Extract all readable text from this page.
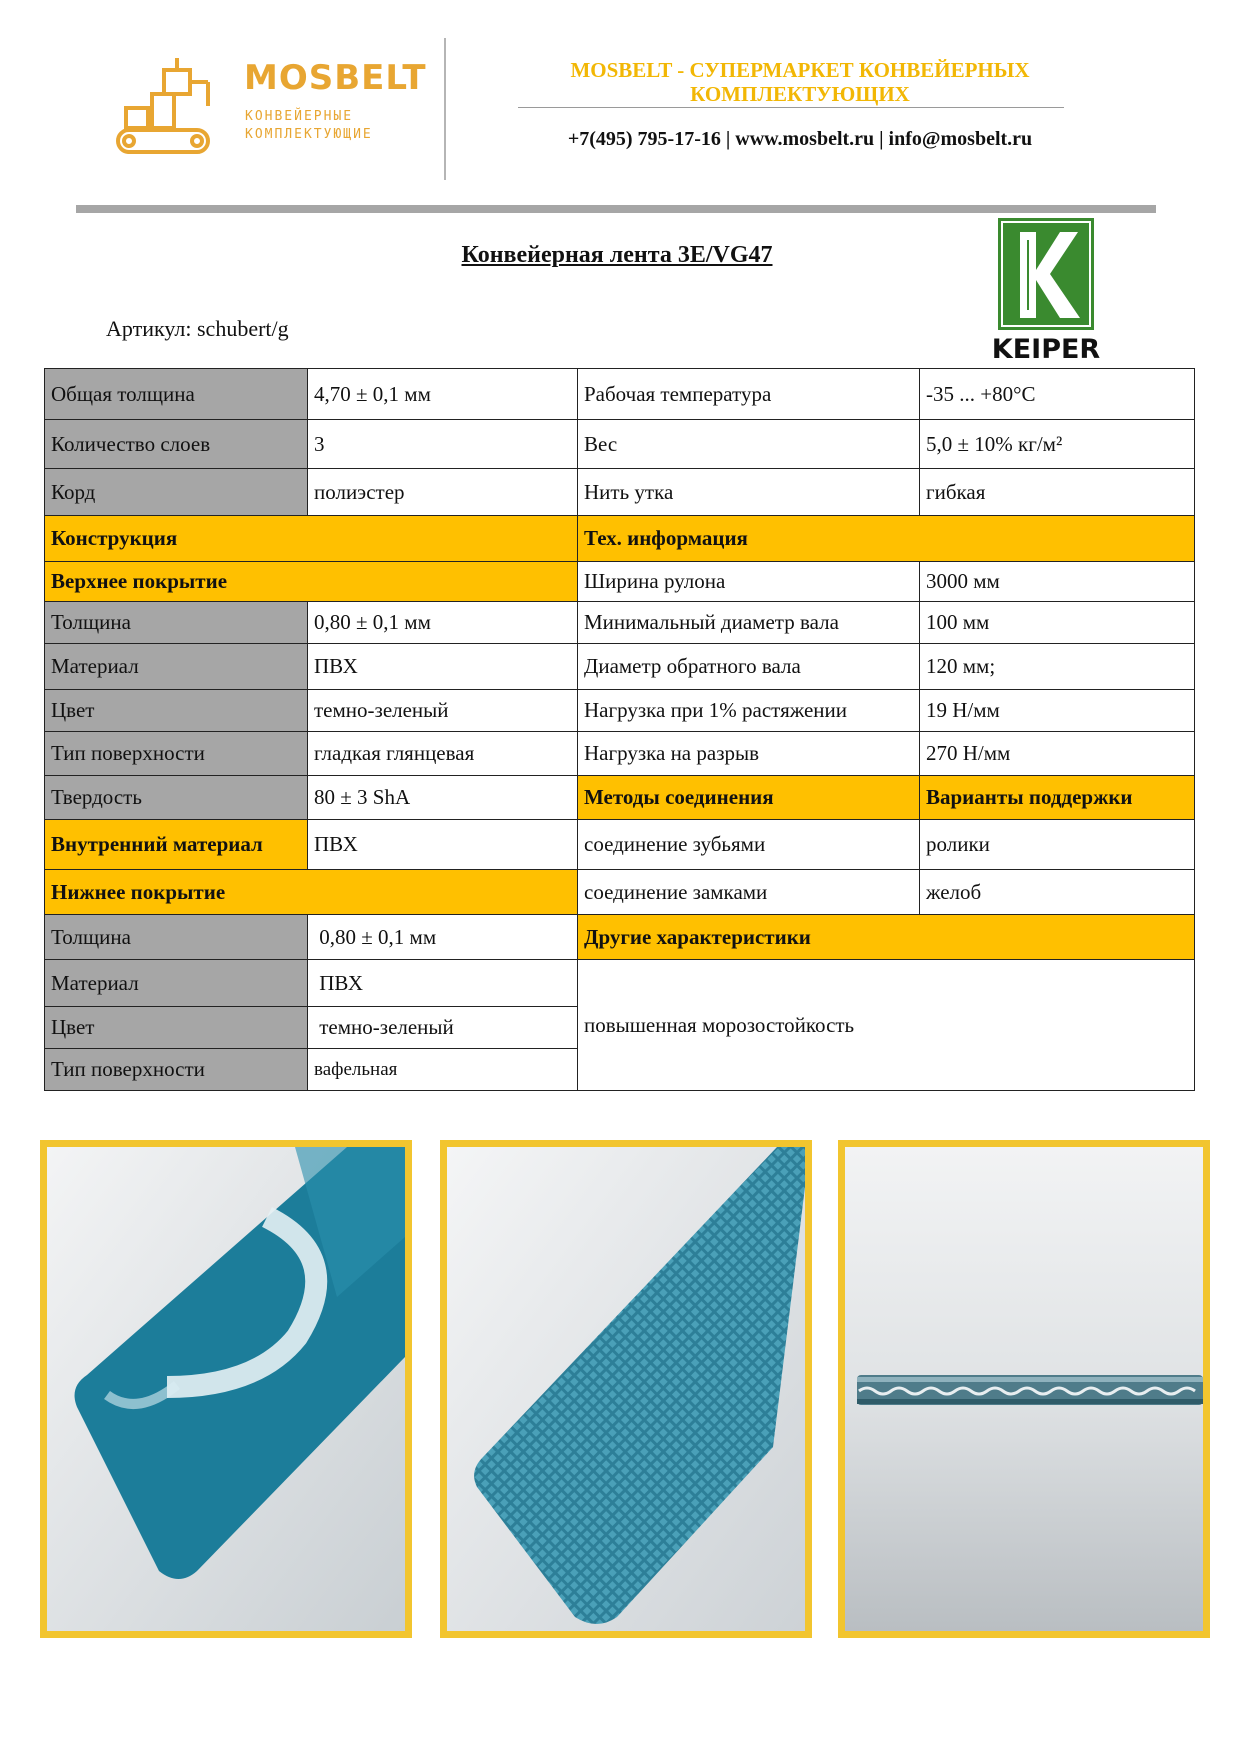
MOSBELT
КОНВЕЙЕРНЫЕ
КОМПЛЕКТУЮЩИЕ
MOSBELT - СУПЕРМАРКЕТ КОНВЕЙЕРНЫХ
КОМПЛЕКТУЮЩИХ
+7(495) 795-17-16 | www.mosbelt.ru | info@mosbelt.ru
Конвейерная лента 3E/VG47
Артикул: schubert/g
KEIPER
Общая толщина	4,70 ± 0,1 мм	Рабочая температура	-35 ... +80°С
Количество слоев	3	Вес	5,0 ± 10% кг/м²
Корд	полиэстер	Нить утка	гибкая
Конструкция		Тех. информация	
Верхнее покрытие		Ширина рулона	3000 мм
Толщина	0,80 ± 0,1 мм	Минимальный диаметр вала	100 мм
Материал	ПВХ	Диаметр обратного вала	120 мм;
Цвет	темно-зеленый	Нагрузка при 1% растяжении	19 Н/мм
Тип поверхности	гладкая глянцевая	Нагрузка на разрыв	270 Н/мм
Твердость	80 ± 3 ShA	Методы соединения	Варианты поддержки
Внутренний материал	ПВХ	соединение зубьями	ролики
Нижнее покрытие		соединение замками	желоб
Толщина	0,80 ± 0,1 мм	Другие характеристики	
Материал	ПВХ	повышенная морозостойкость	
Цвет	темно-зеленый		
Тип поверхности	вафельная		
